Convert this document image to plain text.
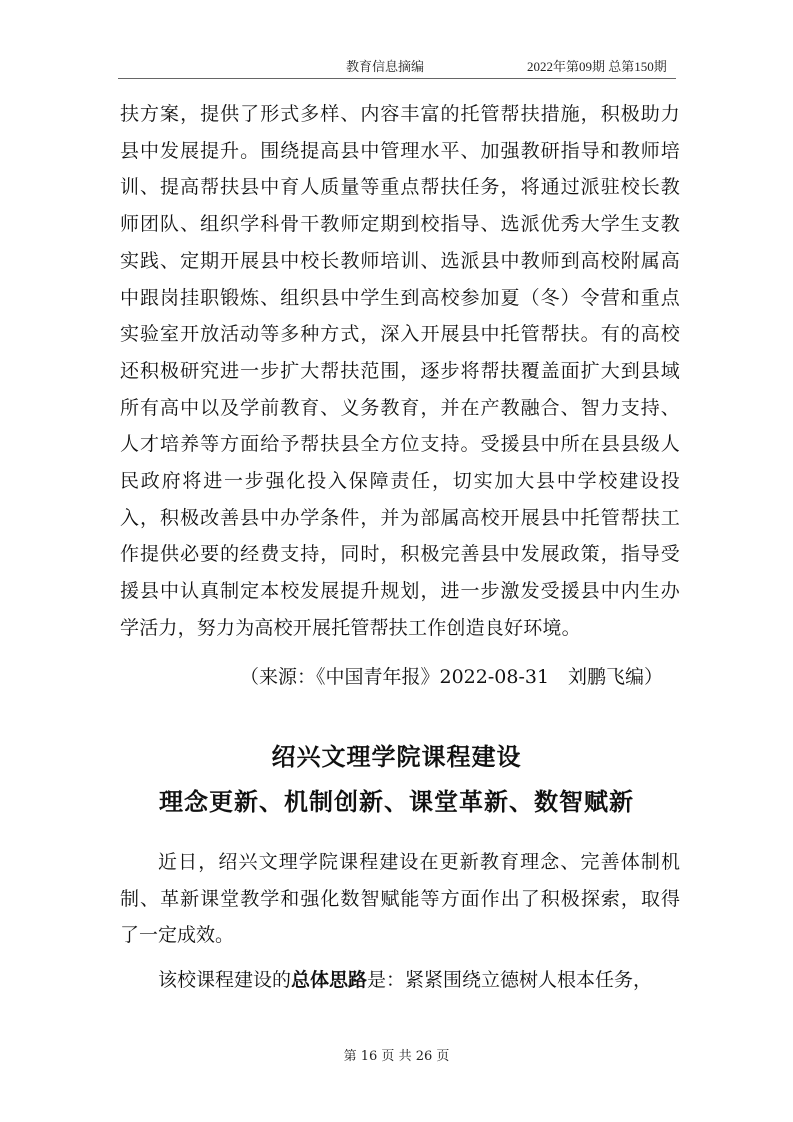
教育信息摘编	2022年第09期 总第150期
扶方案，提供了形式多样、内容丰富的托管帮扶措施，积极助力
县中发展提升。围绕提高县中管理水平、加强教研指导和教师培
训、提高帮扶县中育人质量等重点帮扶任务，将通过派驻校长教
师团队、组织学科骨干教师定期到校指导、选派优秀大学生支教
实践、定期开展县中校长教师培训、选派县中教师到高校附属高
中跟岗挂职锻炼、组织县中学生到高校参加夏（冬）令营和重点
实验室开放活动等多种方式，深入开展县中托管帮扶。有的高校
还积极研究进一步扩大帮扶范围，逐步将帮扶覆盖面扩大到县域
所有高中以及学前教育、义务教育，并在产教融合、智力支持、
人才培养等方面给予帮扶县全方位支持。受援县中所在县县级人
民政府将进一步强化投入保障责任，切实加大县中学校建设投
入，积极改善县中办学条件，并为部属高校开展县中托管帮扶工
作提供必要的经费支持，同时，积极完善县中发展政策，指导受
援县中认真制定本校发展提升规划，进一步激发受援县中内生办
学活力，努力为高校开展托管帮扶工作创造良好环境。
（来源：《中国青年报》2022-08-31　刘鹏飞编）
绍兴文理学院课程建设
理念更新、机制创新、课堂革新、数智赋新
近日，绍兴文理学院课程建设在更新教育理念、完善体制机
制、革新课堂教学和强化数智赋能等方面作出了积极探索，取得
了一定成效。
该校课程建设的总体思路是：紧紧围绕立德树人根本任务，
第 16 页 共 26 页
